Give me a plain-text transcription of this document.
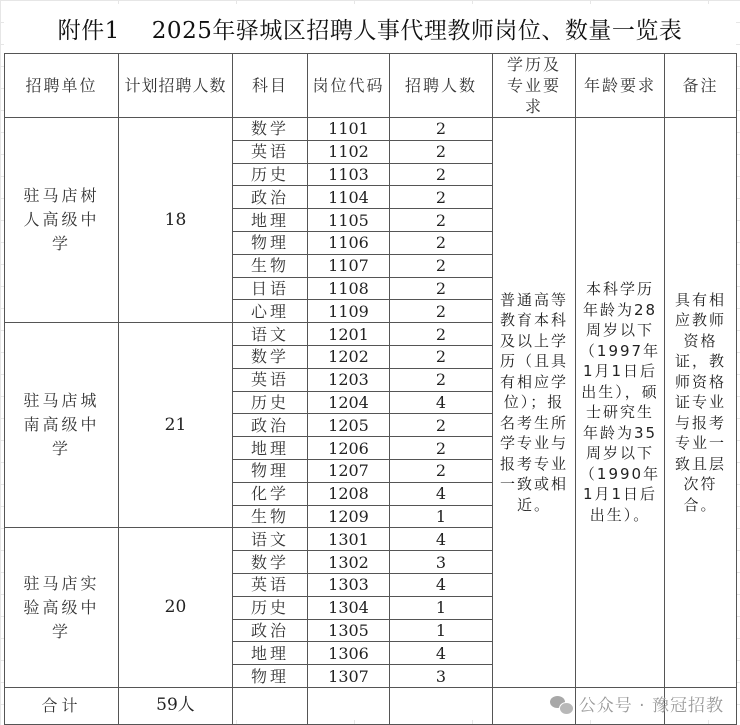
附件1 2025年驿城区招聘人事代理教师岗位、数量一览表
招聘单位	计划招聘人数	科目	岗位代码	招聘人数	学历及专业要求	年龄要求	备注
驻马店树人高级中学	18	数学	1101	2	普通高等教育本科及以上学历（且具有相应学位）；报名考生所学专业与报考专业一致或相近。	本科学历年龄为28周岁以下（1997年1月1日后出生），硕士研究生年龄为35周岁以下（1990年1月1日后出生）。	具有相应教师资格证，教师资格证专业与报考专业一致且层次符合。
		英语	1102	2			
		历史	1103	2			
		政治	1104	2			
		地理	1105	2			
		物理	1106	2			
		生物	1107	2			
		日语	1108	2			
		心理	1109	2			
驻马店城南高级中学	21	语文	1201	2			
		数学	1202	2			
		英语	1203	2			
		历史	1204	4			
		政治	1205	2			
		地理	1206	2			
		物理	1207	2			
		化学	1208	4			
		生物	1209	1			
驻马店实验高级中学	20	语文	1301	4			
		数学	1302	3			
		英语	1303	4			
		历史	1304	1			
		政治	1305	1			
		地理	1306	4			
		物理	1307	3			
合计	59人							公众号 · 豫冠招教
